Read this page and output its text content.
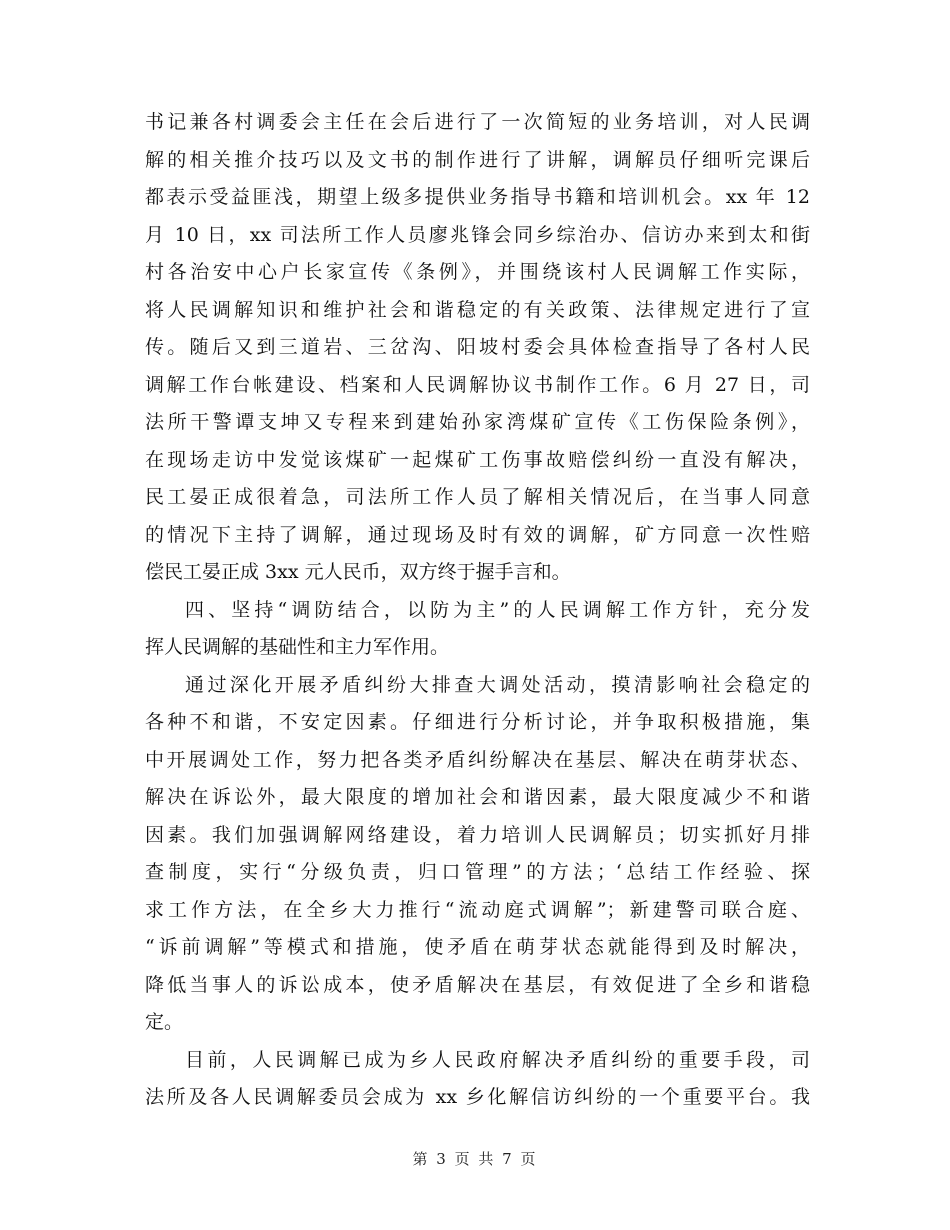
书记兼各村调委会主任在会后进行了一次简短的业务培训，对人民调
解的相关推介技巧以及文书的制作进行了讲解，调解员仔细听完课后
都表示受益匪浅，期望上级多提供业务指导书籍和培训机会。xx 年 12
月 10 日，xx 司法所工作人员廖兆锋会同乡综治办、信访办来到太和街
村各治安中心户长家宣传《条例》，并围绕该村人民调解工作实际，
将人民调解知识和维护社会和谐稳定的有关政策、法律规定进行了宣
传。随后又到三道岩、三岔沟、阳坡村委会具体检查指导了各村人民
调解工作台帐建设、档案和人民调解协议书制作工作。6 月 27 日，司
法所干警谭支坤又专程来到建始孙家湾煤矿宣传《工伤保险条例》，
在现场走访中发觉该煤矿一起煤矿工伤事故赔偿纠纷一直没有解决，
民工晏正成很着急，司法所工作人员了解相关情况后，在当事人同意
的情况下主持了调解，通过现场及时有效的调解，矿方同意一次性赔
偿民工晏正成 3xx 元人民币，双方终于握手言和。
四、坚持“调防结合，以防为主”的人民调解工作方针，充分发
挥人民调解的基础性和主力军作用。
通过深化开展矛盾纠纷大排查大调处活动，摸清影响社会稳定的
各种不和谐，不安定因素。仔细进行分析讨论，并争取积极措施，集
中开展调处工作，努力把各类矛盾纠纷解决在基层、解决在萌芽状态、
解决在诉讼外，最大限度的增加社会和谐因素，最大限度减少不和谐
因素。我们加强调解网络建设，着力培训人民调解员；切实抓好月排
查制度，实行“分级负责，归口管理”的方法；‘总结工作经验、探
求工作方法，在全乡大力推行“流动庭式调解”；新建警司联合庭、
“诉前调解”等模式和措施，使矛盾在萌芽状态就能得到及时解决，
降低当事人的诉讼成本，使矛盾解决在基层，有效促进了全乡和谐稳
定。
目前，人民调解已成为乡人民政府解决矛盾纠纷的重要手段，司
法所及各人民调解委员会成为 xx 乡化解信访纠纷的一个重要平台。我
第 3 页 共 7 页
